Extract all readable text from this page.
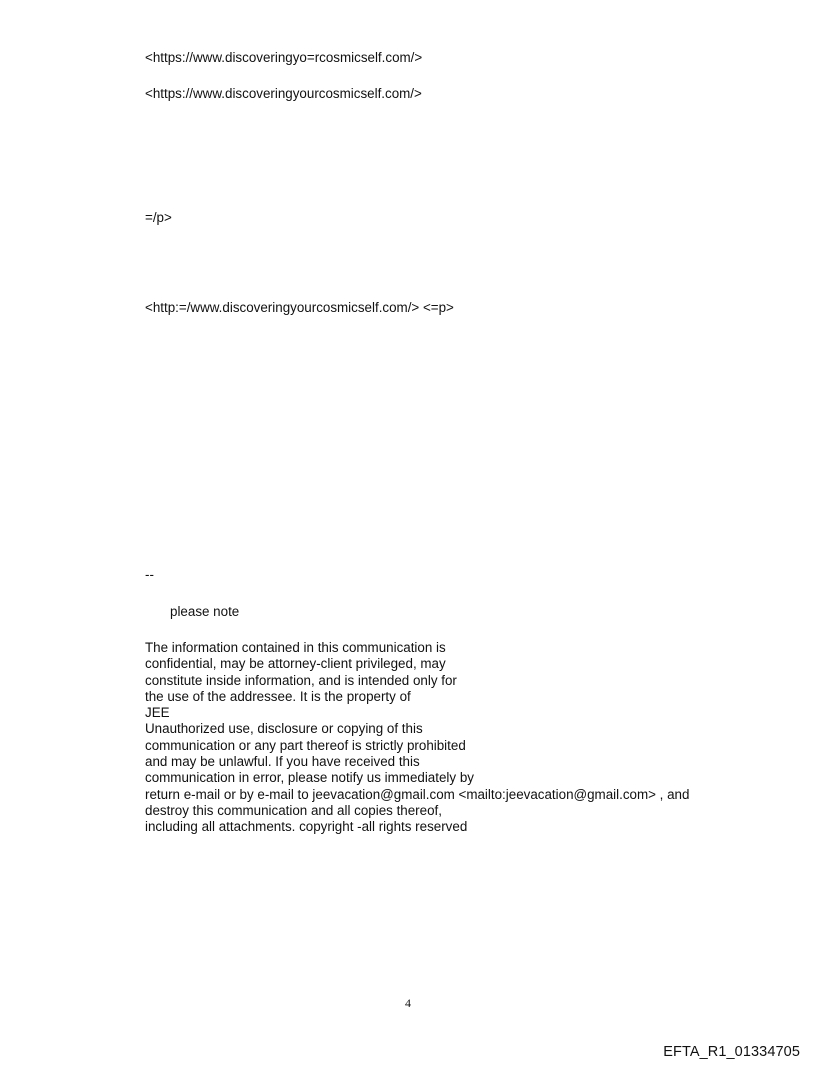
<https://www.discoveringyo=rcosmicself.com/>
<https://www.discoveringyourcosmicself.com/>
=/p>
<http:=/www.discoveringyourcosmicself.com/> <=p>
--
please note
The information contained in this communication is
confidential, may be attorney-client privileged, may
constitute inside information, and is intended only for
the use of the addressee. It is the property of
JEE
Unauthorized use, disclosure or copying of this
communication or any part thereof is strictly prohibited
and may be unlawful. If you have received this
communication in error, please notify us immediately by
return e-mail or by e-mail to jeevacation@gmail.com <mailto:jeevacation@gmail.com> , and
destroy this communication and all copies thereof,
including all attachments. copyright -all rights reserved
4
EFTA_R1_01334705
